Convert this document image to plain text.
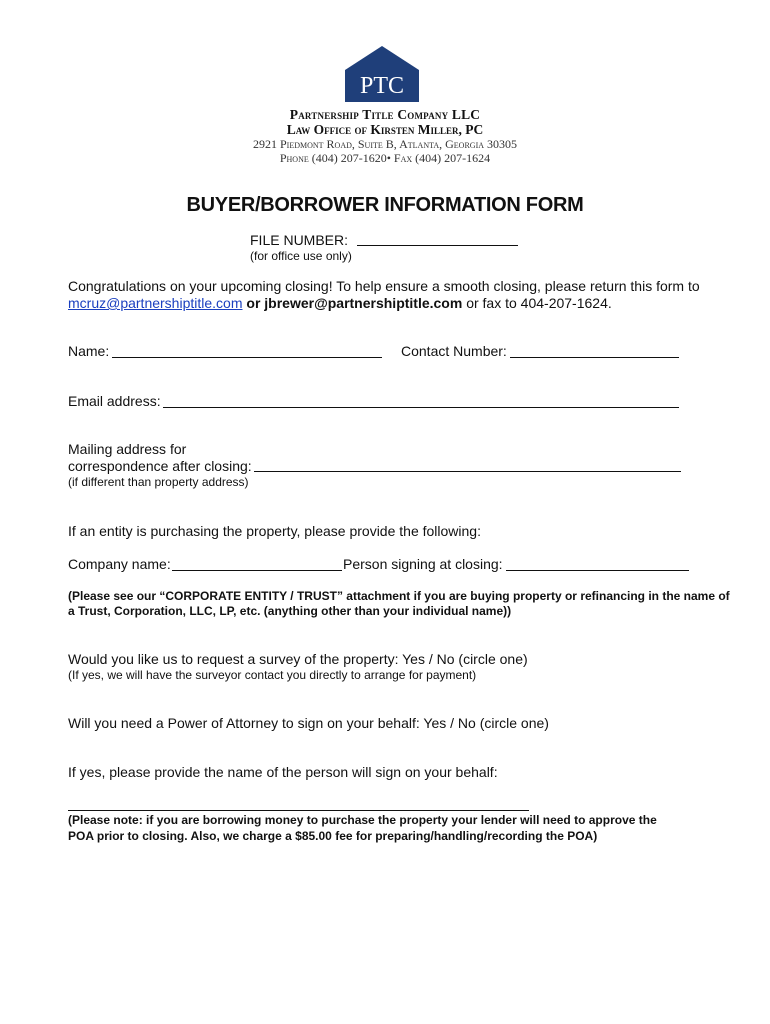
PTC
Partnership Title Company LLC
Law Office of Kirsten Miller, PC
2921 Piedmont Road, Suite B, Atlanta, Georgia 30305
Phone (404) 207-1620• Fax (404) 207-1624
BUYER/BORROWER INFORMATION FORM
FILE NUMBER:
(for office use only)
Congratulations on your upcoming closing! To help ensure a smooth closing, please return this form to
mcruz@partnershiptitle.com or jbrewer@partnershiptitle.com or fax to 404-207-1624.
Name:	Contact Number:
Email address:
Mailing address for
correspondence after closing:
(if different than property address)
If an entity is purchasing the property, please provide the following:
Company name:	Person signing at closing:
(Please see our “CORPORATE ENTITY / TRUST” attachment if you are buying property or refinancing in the name of
a Trust, Corporation, LLC, LP, etc. (anything other than your individual name))
Would you like us to request a survey of the property: Yes / No (circle one)
(If yes, we will have the surveyor contact you directly to arrange for payment)
Will you need a Power of Attorney to sign on your behalf: Yes / No (circle one)
If yes, please provide the name of the person will sign on your behalf:
(Please note: if you are borrowing money to purchase the property your lender will need to approve the
POA prior to closing. Also, we charge a $85.00 fee for preparing/handling/recording the POA)
